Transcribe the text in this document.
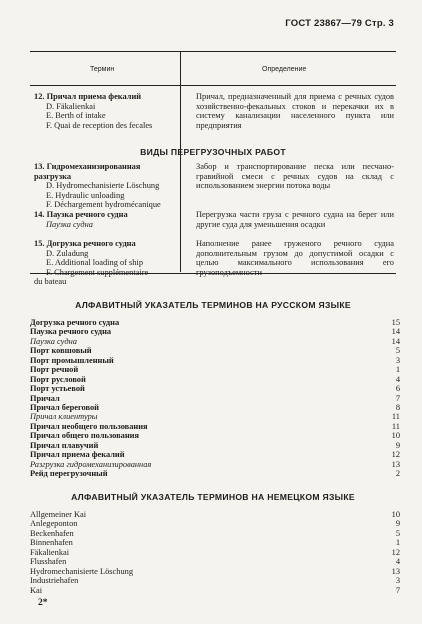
ГОСТ 23867—79 Стр. 3
Термин	Определение
12. Причал приема фекалий
D. Fäkalienkai
E. Berth of intake
F. Quai de reception des fecales
Причал, предназначенный для приема с речных судов хозяйственно-фекальных стоков и перекачки их в систему канализации населенного пункта или предприятия
ВИДЫ ПЕРЕГРУЗОЧНЫХ РАБОТ
13. Гидромеханизированная разгрузка
D. Hydromechanisierte Löschung
E. Hydraulic unloading
F. Déchargement hydromécanique
Забор и транспортирование песка или песчано-гравийной смеси с речных судов на склад с использованием энергии потока воды
14. Паузка речного судна
Паузка судна
Перегрузка части груза с речного судна на берег или другие суда для уменьшения осадки
15. Догрузка речного судна
D. Zuladung
E. Additional loading of ship
F. Chargement supplémentaire
du bateau
Наполнение ранее груженого речного судна дополнительным грузом до допустимой осадки с целью максимального использования его грузоподъемности
АЛФАВИТНЫЙ УКАЗАТЕЛЬ ТЕРМИНОВ НА РУССКОМ ЯЗЫКЕ
Догрузка речного судна	15
Паузка речного судна	14
Паузка судна	14
Порт ковшовый	5
Порт промышленный	3
Порт речной	1
Порт русловой	4
Порт устьевой	6
Причал	7
Причал береговой	8
Причал клиентуры	11
Причал необщего пользования	11
Причал общего пользования	10
Причал плавучий	9
Причал приема фекалий	12
Разгрузка гидромеханизированная	13
Рейд перегрузочный	2
АЛФАВИТНЫЙ УКАЗАТЕЛЬ ТЕРМИНОВ НА НЕМЕЦКОМ ЯЗЫКЕ
Allgemeiner Kai	10
Anlegeponton	9
Beckenhafen	5
Binnenhafen	1
Fäkalienkai	12
Flusshafen	4
Hydromechanisierte Löschung	13
Industriehafen	3
Kai	7
2*
